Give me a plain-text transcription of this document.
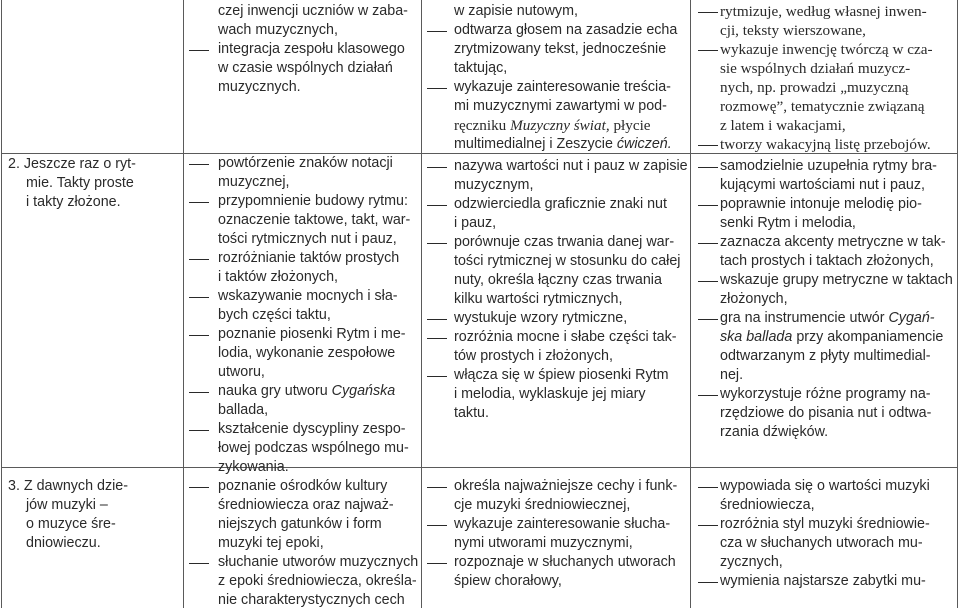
2. Jeszcze raz o ryt-
mie. Takty proste
i takty złożone.
3. Z dawnych dzie-
jów muzyki –
o muzyce śre-
dniowieczu.
czej inwencji uczniów w zaba-
wach muzycznych,
integracja zespołu klasowego
w czasie wspólnych działań
muzycznych.
powtórzenie znaków notacji
muzycznej,
przypomnienie budowy rytmu:
oznaczenie taktowe, takt, war-
tości rytmicznych nut i pauz,
rozróżnianie taktów prostych
i taktów złożonych,
wskazywanie mocnych i sła-
bych części taktu,
poznanie piosenki Rytm i me-
lodia, wykonanie zespołowe
utworu,
nauka gry utworu Cygańska
ballada,
kształcenie dyscypliny zespo-
łowej podczas wspólnego mu-
zykowania.
poznanie ośrodków kultury
średniowiecza oraz najważ-
niejszych gatunków i form
muzyki tej epoki,
słuchanie utworów muzycznych
z epoki średniowiecza, określa-
nie charakterystycznych cech
w zapisie nutowym,
odtwarza głosem na zasadzie echa
zrytmizowany tekst, jednocześnie
taktując,
wykazuje zainteresowanie treścia-
mi muzycznymi zawartymi w pod-
ręczniku Muzyczny świat, płycie
multimedialnej i Zeszycie ćwiczeń.
nazywa wartości nut i pauz w zapisie
muzycznym,
odzwierciedla graficznie znaki nut
i pauz,
porównuje czas trwania danej war-
tości rytmicznej w stosunku do całej
nuty, określa łączny czas trwania
kilku wartości rytmicznych,
wystukuje wzory rytmiczne,
rozróżnia mocne i słabe części tak-
tów prostych i złożonych,
włącza się w śpiew piosenki Rytm
i melodia, wyklaskuje jej miary
taktu.
określa najważniejsze cechy i funk-
cje muzyki średniowiecznej,
wykazuje zainteresowanie słucha-
nymi utworami muzycznymi,
rozpoznaje w słuchanych utworach
śpiew chorałowy,
rytmizuje, według własnej inwen-
cji, teksty wierszowane,
wykazuje inwencję twórczą w cza-
sie wspólnych działań muzycz-
nych, np. prowadzi „muzyczną
rozmowę”, tematycznie związaną
z latem i wakacjami,
tworzy wakacyjną listę przebojów.
samodzielnie uzupełnia rytmy bra-
kującymi wartościami nut i pauz,
poprawnie intonuje melodię pio-
senki Rytm i melodia,
zaznacza akcenty metryczne w tak-
tach prostych i taktach złożonych,
wskazuje grupy metryczne w taktach
złożonych,
gra na instrumencie utwór Cygań-
ska ballada przy akompaniamencie
odtwarzanym z płyty multimedial-
nej.
wykorzystuje różne programy na-
rzędziowe do pisania nut i odtwa-
rzania dźwięków.
wypowiada się o wartości muzyki
średniowiecza,
rozróżnia styl muzyki średniowie-
cza w słuchanych utworach mu-
zycznych,
wymienia najstarsze zabytki mu-
